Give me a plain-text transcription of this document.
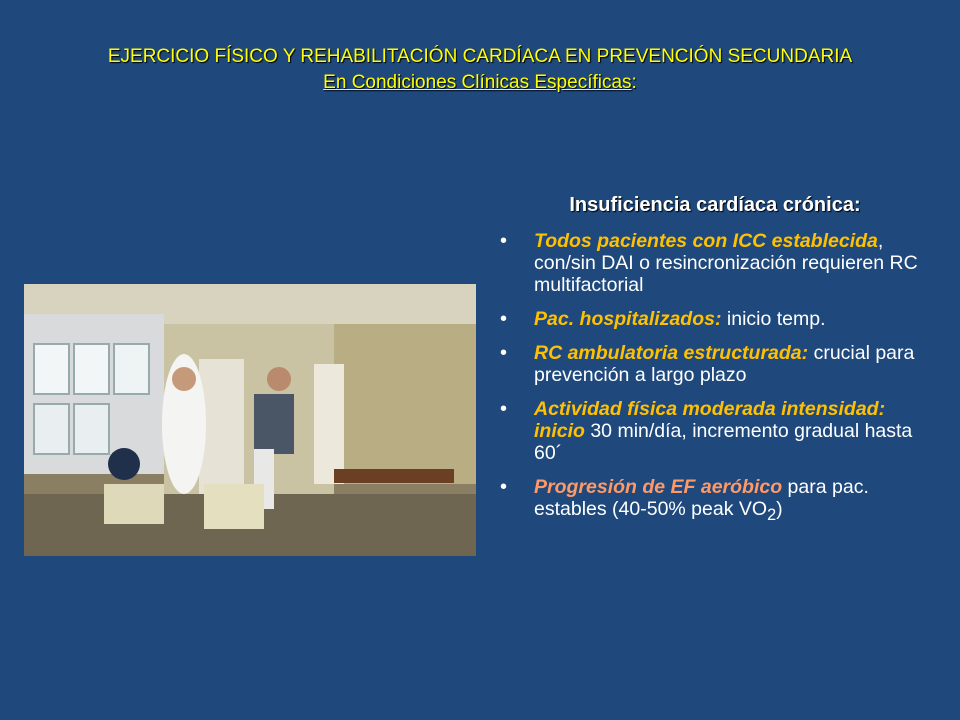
EJERCICIO FÍSICO Y REHABILITACIÓN CARDÍACA EN PREVENCIÓN SECUNDARIA
En Condiciones Clínicas Específicas:
Insuficiencia cardíaca crónica:
• Todos pacientes con ICC establecida, con/sin DAI o resincronización requieren RC multifactorial
• Pac. hospitalizados: inicio temp.
• RC ambulatoria estructurada: crucial para prevención a largo plazo
• Actividad física moderada intensidad: inicio 30 min/día, incremento gradual hasta 60´
• Progresión de EF aeróbico para pac. estables (40-50% peak $VO_2$)
